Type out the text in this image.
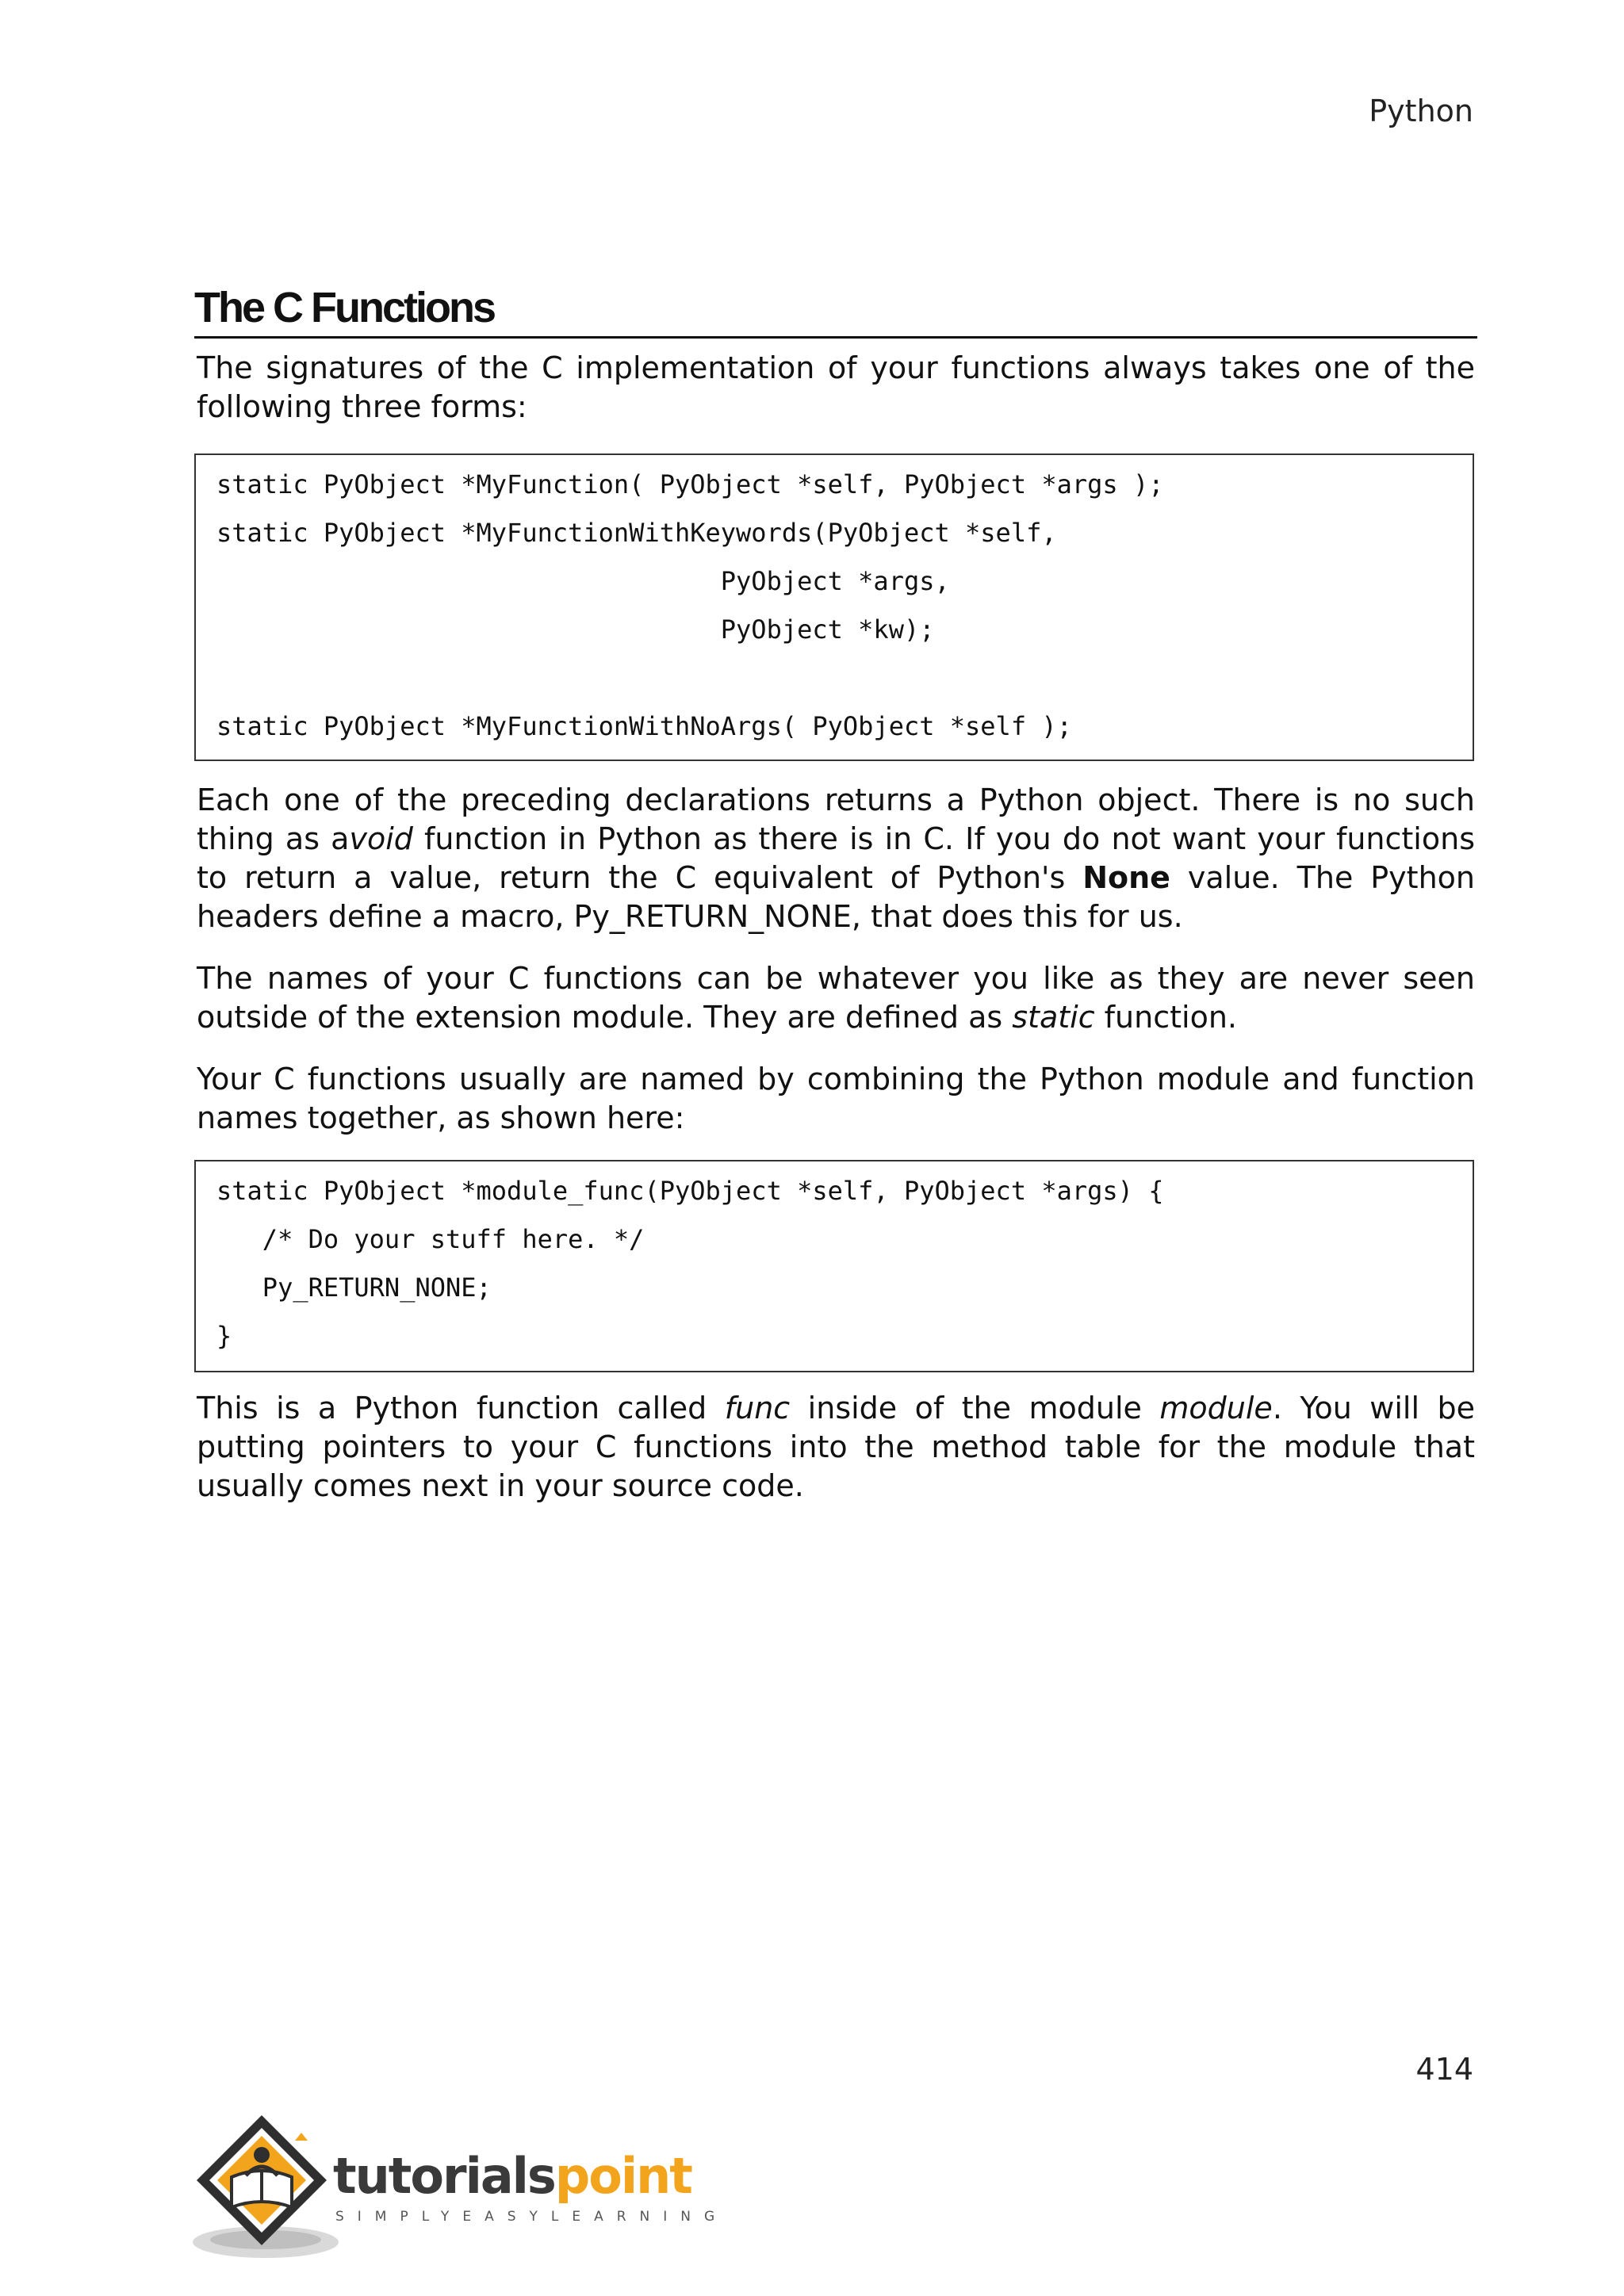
Python
The C Functions

The signatures of the C implementation of your functions always takes one of the following three forms:

static PyObject *MyFunction( PyObject *self, PyObject *args );
static PyObject *MyFunctionWithKeywords(PyObject *self,
PyObject *args,
PyObject *kw);
static PyObject *MyFunctionWithNoArgs( PyObject *self );

Each one of the preceding declarations returns a Python object. There is no such thing as avoid function in Python as there is in C. If you do not want your functions to return a value, return the C equivalent of Python's None value. The Python headers define a macro, Py_RETURN_NONE, that does this for us.

The names of your C functions can be whatever you like as they are never seen outside of the extension module. They are defined as static function.

Your C functions usually are named by combining the Python module and function names together, as shown here:

static PyObject *module_func(PyObject *self, PyObject *args) {
/* Do your stuff here. */
Py_RETURN_NONE;
}

This is a Python function called func inside of the module module. You will be putting pointers to your C functions into the method table for the module that usually comes next in your source code.

414
tutorialspoint
SIMPLYEASYLEARNING
